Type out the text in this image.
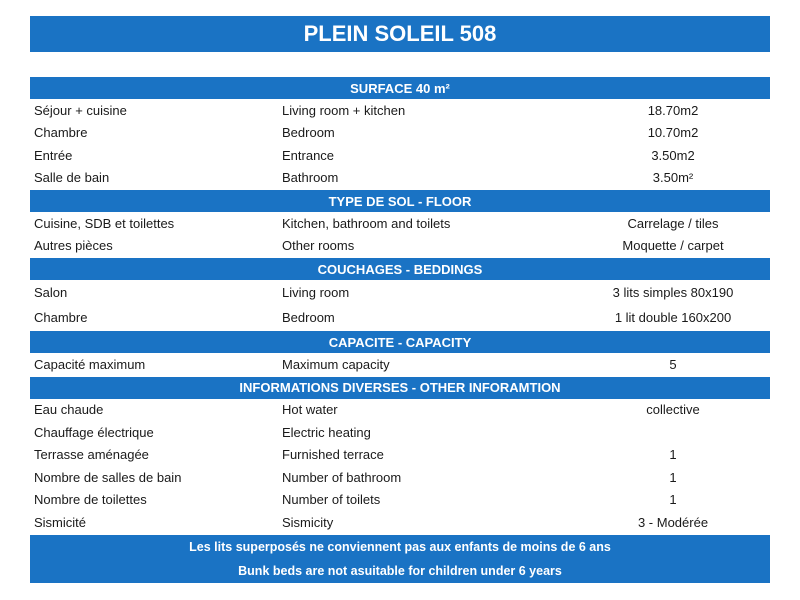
PLEIN SOLEIL 508
SURFACE 40 m²
Séjour + cuisine	Living room + kitchen	18.70m2
Chambre	Bedroom	10.70m2
Entrée	Entrance	3.50m2
Salle de bain	Bathroom	3.50m²
TYPE DE SOL - FLOOR
Cuisine, SDB et toilettes	Kitchen, bathroom and toilets	Carrelage / tiles
Autres pièces	Other rooms	Moquette / carpet
COUCHAGES - BEDDINGS
Salon	Living room	3 lits simples 80x190
Chambre	Bedroom	1 lit double 160x200
CAPACITE - CAPACITY
Capacité maximum	Maximum capacity	5
INFORMATIONS DIVERSES - OTHER INFORAMTION
Eau chaude	Hot water	collective
Chauffage électrique	Electric heating
Terrasse aménagée	Furnished terrace	1
Nombre de salles de bain	Number of bathroom	1
Nombre de toilettes	Number of toilets	1
Sismicité	Sismicity	3 - Modérée
Les lits superposés ne conviennent pas aux enfants de moins de 6 ans
Bunk beds are not asuitable for children under 6 years
